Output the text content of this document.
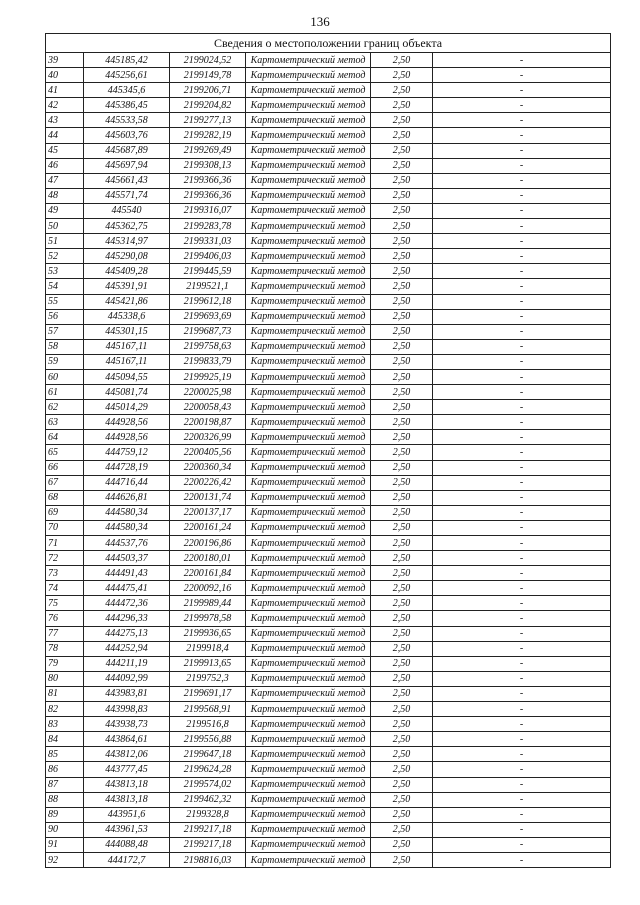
136
Сведения о местоположении границ объекта					
39	445185,42	2199024,52	Картометрический метод	2,50	-
40	445256,61	2199149,78	Картометрический метод	2,50	-
41	445345,6	2199206,71	Картометрический метод	2,50	-
42	445386,45	2199204,82	Картометрический метод	2,50	-
43	445533,58	2199277,13	Картометрический метод	2,50	-
44	445603,76	2199282,19	Картометрический метод	2,50	-
45	445687,89	2199269,49	Картометрический метод	2,50	-
46	445697,94	2199308,13	Картометрический метод	2,50	-
47	445661,43	2199366,36	Картометрический метод	2,50	-
48	445571,74	2199366,36	Картометрический метод	2,50	-
49	445540	2199316,07	Картометрический метод	2,50	-
50	445362,75	2199283,78	Картометрический метод	2,50	-
51	445314,97	2199331,03	Картометрический метод	2,50	-
52	445290,08	2199406,03	Картометрический метод	2,50	-
53	445409,28	2199445,59	Картометрический метод	2,50	-
54	445391,91	2199521,1	Картометрический метод	2,50	-
55	445421,86	2199612,18	Картометрический метод	2,50	-
56	445338,6	2199693,69	Картометрический метод	2,50	-
57	445301,15	2199687,73	Картометрический метод	2,50	-
58	445167,11	2199758,63	Картометрический метод	2,50	-
59	445167,11	2199833,79	Картометрический метод	2,50	-
60	445094,55	2199925,19	Картометрический метод	2,50	-
61	445081,74	2200025,98	Картометрический метод	2,50	-
62	445014,29	2200058,43	Картометрический метод	2,50	-
63	444928,56	2200198,87	Картометрический метод	2,50	-
64	444928,56	2200326,99	Картометрический метод	2,50	-
65	444759,12	2200405,56	Картометрический метод	2,50	-
66	444728,19	2200360,34	Картометрический метод	2,50	-
67	444716,44	2200226,42	Картометрический метод	2,50	-
68	444626,81	2200131,74	Картометрический метод	2,50	-
69	444580,34	2200137,17	Картометрический метод	2,50	-
70	444580,34	2200161,24	Картометрический метод	2,50	-
71	444537,76	2200196,86	Картометрический метод	2,50	-
72	444503,37	2200180,01	Картометрический метод	2,50	-
73	444491,43	2200161,84	Картометрический метод	2,50	-
74	444475,41	2200092,16	Картометрический метод	2,50	-
75	444472,36	2199989,44	Картометрический метод	2,50	-
76	444296,33	2199978,58	Картометрический метод	2,50	-
77	444275,13	2199936,65	Картометрический метод	2,50	-
78	444252,94	2199918,4	Картометрический метод	2,50	-
79	444211,19	2199913,65	Картометрический метод	2,50	-
80	444092,99	2199752,3	Картометрический метод	2,50	-
81	443983,81	2199691,17	Картометрический метод	2,50	-
82	443998,83	2199568,91	Картометрический метод	2,50	-
83	443938,73	2199516,8	Картометрический метод	2,50	-
84	443864,61	2199556,88	Картометрический метод	2,50	-
85	443812,06	2199647,18	Картометрический метод	2,50	-
86	443777,45	2199624,28	Картометрический метод	2,50	-
87	443813,18	2199574,02	Картометрический метод	2,50	-
88	443813,18	2199462,32	Картометрический метод	2,50	-
89	443951,6	2199328,8	Картометрический метод	2,50	-
90	443961,53	2199217,18	Картометрический метод	2,50	-
91	444088,48	2199217,18	Картометрический метод	2,50	-
92	444172,7	2198816,03	Картометрический метод	2,50	-
